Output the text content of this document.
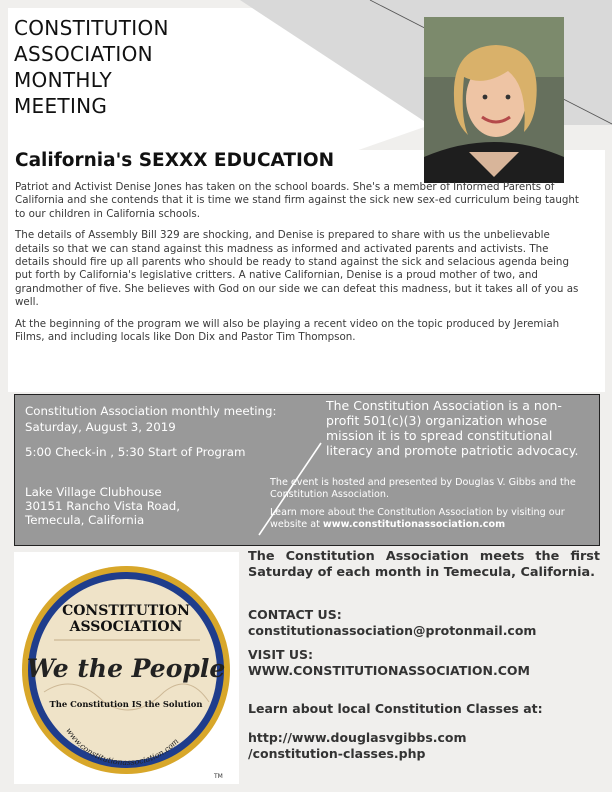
CONSTITUTION
ASSOCIATION
MONTHLY
MEETING
California's SEXXX EDUCATION

Patriot and Activist Denise Jones has taken on the school boards. She's a member of Informed Parents of California and she contends that it is time we stand firm against the sick new sex-ed curriculum being taught to our children in California schools.

The details of Assembly Bill 329 are shocking, and Denise is prepared to share with us the unbelievable details so that we can stand against this madness as informed and activated parents and activists. The details should fire up all parents who should be ready to stand against the sick and selacious agenda being put forth by California's legislative critters. A native Californian, Denise is a proud mother of two, and grandmother of five. She believes with God on our side we can defeat this madness, but it takes all of you as well.

At the beginning of the program we will also be playing a recent video on the topic produced by Jeremiah Films, and including locals like Don Dix and Pastor Tim Thompson.

Constitution Association monthly meeting:
Saturday, August 3, 2019
5:00 Check-in , 5:30 Start of Program
Lake Village Clubhouse
30151 Rancho Vista Road,
Temecula, California
The Constitution Association is a non-profit 501(c)(3) organization whose mission it is to spread constitutional literacy and promote patriotic advocacy.
The event is hosted and presented by Douglas V. Gibbs and the Constitution Association.
Learn more about the Constitution Association by visiting our website at www.constitutionassociation.com
CONSTITUTION
ASSOCIATION
We the People
The Constitution IS the Solution
www.constitutionassociation.com
TM
The Constitution Association meets the first Saturday of each month in Temecula, California.
CONTACT US:
constitutionassociation@protonmail.com
VISIT US:
WWW.CONSTITUTIONASSOCIATION.COM
Learn about local Constitution Classes at:
http://www.douglasvgibbs.com
/constitution-classes.php
